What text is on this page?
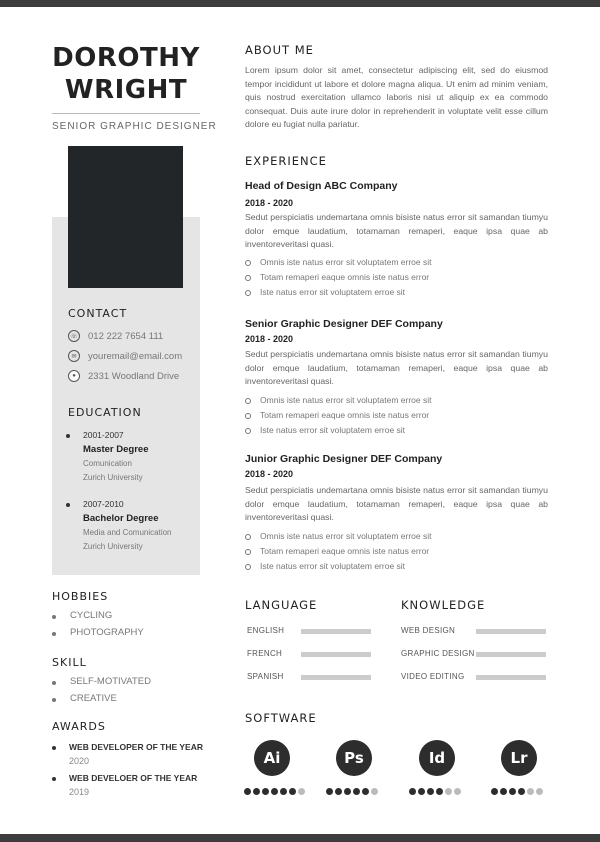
DOROTHY
WRIGHT
SENIOR GRAPHIC DESIGNER
CONTACT
☏ 012 222 7654 111
✉	youremail@email.com
●	2331 Woodland Drive
EDUCATION
2001-2007
Master Degree
Comunication
Zurich University
2007-2010
Bachelor Degree
Media and Comunication
Zurich University
HOBBIES
CYCLING
PHOTOGRAPHY
SKILL
SELF-MOTIVATED
CREATIVE
AWARDS
WEB DEVELOPER OF THE YEAR
2020
WEB DEVELOER OF THE YEAR
2019
ABOUT ME
Lorem ipsum dolor sit amet, consectetur adipiscing elit, sed do eiusmod tempor incididunt ut labore et dolore magna aliqua. Ut enim ad minim veniam, quis nostrud exercitation ullamco laboris nisi ut aliquip ex ea commodo consequat. Duis aute irure dolor in reprehenderit in voluptate velit esse cillum dolore eu fugiat nulla pariatur.
EXPERIENCE
Head of Design ABC Company
2018 - 2020
Sedut perspiciatis undemartana omnis bisiste natus error sit samandan tiumyu dolor emque laudatium, totamaman remaperi, eaque ipsa quae ab inventoreveritasi quasi.
Omnis iste natus error sit voluptatem erroe sit
Totam remaperi eaque omnis iste natus error
Iste natus error sit voluptatem erroe sit
Senior Graphic Designer DEF Company
2018 - 2020
Sedut perspiciatis undemartana omnis bisiste natus error sit samandan tiumyu dolor emque laudatium, totamaman remaperi, eaque ipsa quae ab inventoreveritasi quasi.
Omnis iste natus error sit voluptatem erroe sit
Totam remaperi eaque omnis iste natus error
Iste natus error sit voluptatem erroe sit
Junior Graphic Designer DEF Company
2018 - 2020
Sedut perspiciatis undemartana omnis bisiste natus error sit samandan tiumyu dolor emque laudatium, totamaman remaperi, eaque ipsa quae ab inventoreveritasi quasi.
Omnis iste natus error sit voluptatem erroe sit
Totam remaperi eaque omnis iste natus error
Iste natus error sit voluptatem erroe sit
LANGUAGE	KNOWLEDGE
ENGLISH
FRENCH
SPANISH
WEB DESIGN
GRAPHIC DESIGN
VIDEO EDITING
SOFTWARE
Ai	Ps	Id	Lr
